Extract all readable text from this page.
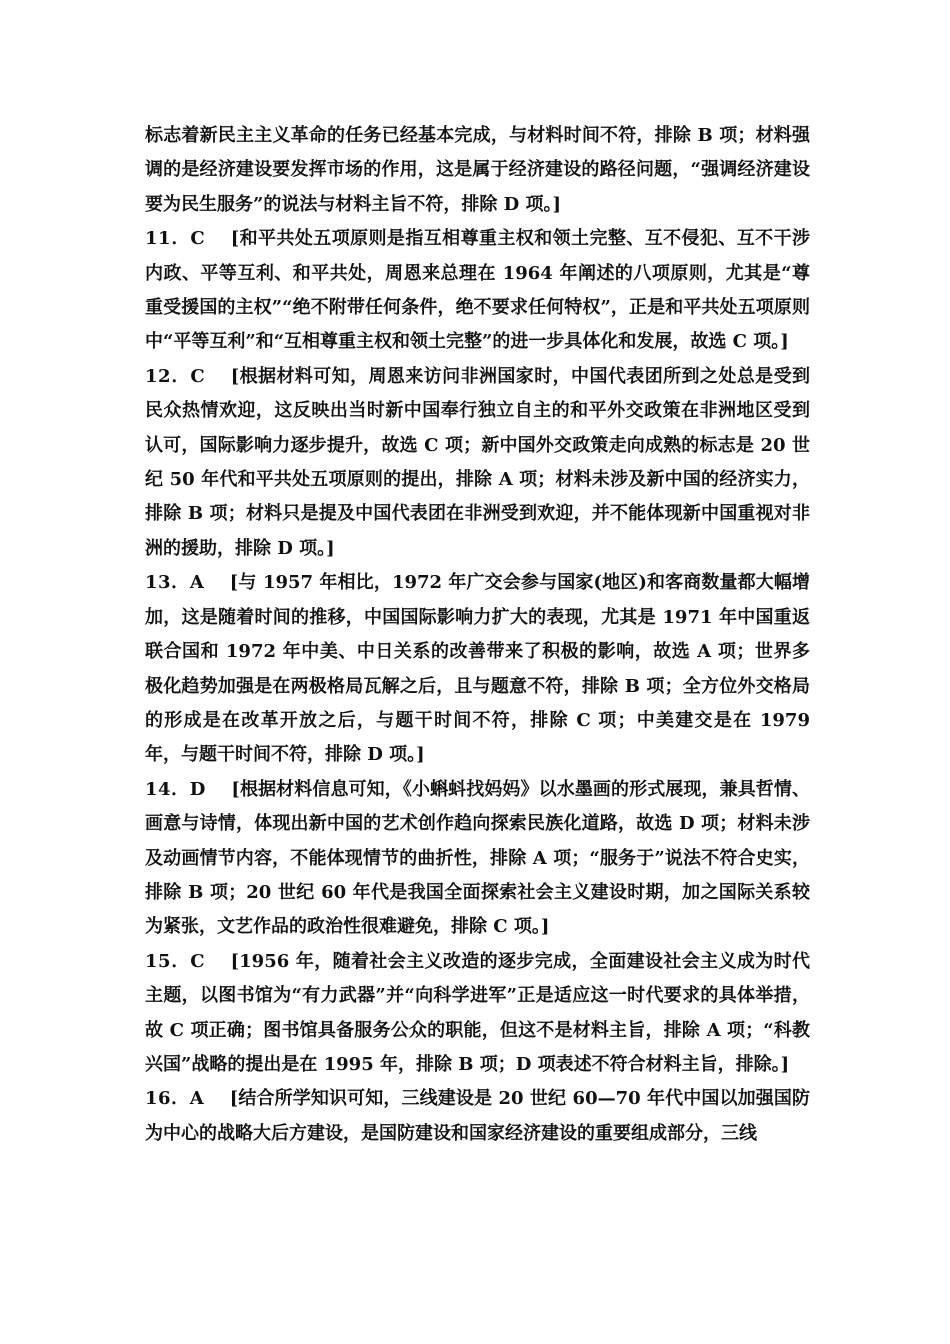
标志着新民主主义革命的任务已经基本完成，与材料时间不符，排除 B 项；材料强调的是经济建设要发挥市场的作用，这是属于经济建设的路径问题，“强调经济建设要为民生服务”的说法与材料主旨不符，排除 D 项。]

11．C [和平共处五项原则是指互相尊重主权和领土完整、互不侵犯、互不干涉内政、平等互利、和平共处，周恩来总理在 1964 年阐述的八项原则，尤其是“尊重受援国的主权”“绝不附带任何条件，绝不要求任何特权”，正是和平共处五项原则中“平等互利”和“互相尊重主权和领土完整”的进一步具体化和发展，故选 C 项。]

12．C [根据材料可知，周恩来访问非洲国家时，中国代表团所到之处总是受到民众热情欢迎，这反映出当时新中国奉行独立自主的和平外交政策在非洲地区受到认可，国际影响力逐步提升，故选 C 项；新中国外交政策走向成熟的标志是 20 世纪 50 年代和平共处五项原则的提出，排除 A 项；材料未涉及新中国的经济实力，排除 B 项；材料只是提及中国代表团在非洲受到欢迎，并不能体现新中国重视对非洲的援助，排除 D 项。]

13．A [与 1957 年相比，1972 年广交会参与国家(地区)和客商数量都大幅增加，这是随着时间的推移，中国国际影响力扩大的表现，尤其是 1971 年中国重返联合国和 1972 年中美、中日关系的改善带来了积极的影响，故选 A 项；世界多极化趋势加强是在两极格局瓦解之后，且与题意不符，排除 B 项；全方位外交格局的形成是在改革开放之后，与题干时间不符，排除 C 项；中美建交是在 1979 年，与题干时间不符，排除 D 项。]

14．D [根据材料信息可知，《小蝌蚪找妈妈》以水墨画的形式展现，兼具哲情、画意与诗情，体现出新中国的艺术创作趋向探索民族化道路，故选 D 项；材料未涉及动画情节内容，不能体现情节的曲折性，排除 A 项；“服务于”说法不符合史实，排除 B 项；20 世纪 60 年代是我国全面探索社会主义建设时期，加之国际关系较为紧张，文艺作品的政治性很难避免，排除 C 项。]

15．C [1956 年，随着社会主义改造的逐步完成，全面建设社会主义成为时代主题，以图书馆为“有力武器”并“向科学进军”正是适应这一时代要求的具体举措，故 C 项正确；图书馆具备服务公众的职能，但这不是材料主旨，排除 A 项；“科教兴国”战略的提出是在 1995 年，排除 B 项；D 项表述不符合材料主旨，排除。]

16．A [结合所学知识可知，三线建设是 20 世纪 60—70 年代中国以加强国防为中心的战略大后方建设，是国防建设和国家经济建设的重要组成部分，三线
